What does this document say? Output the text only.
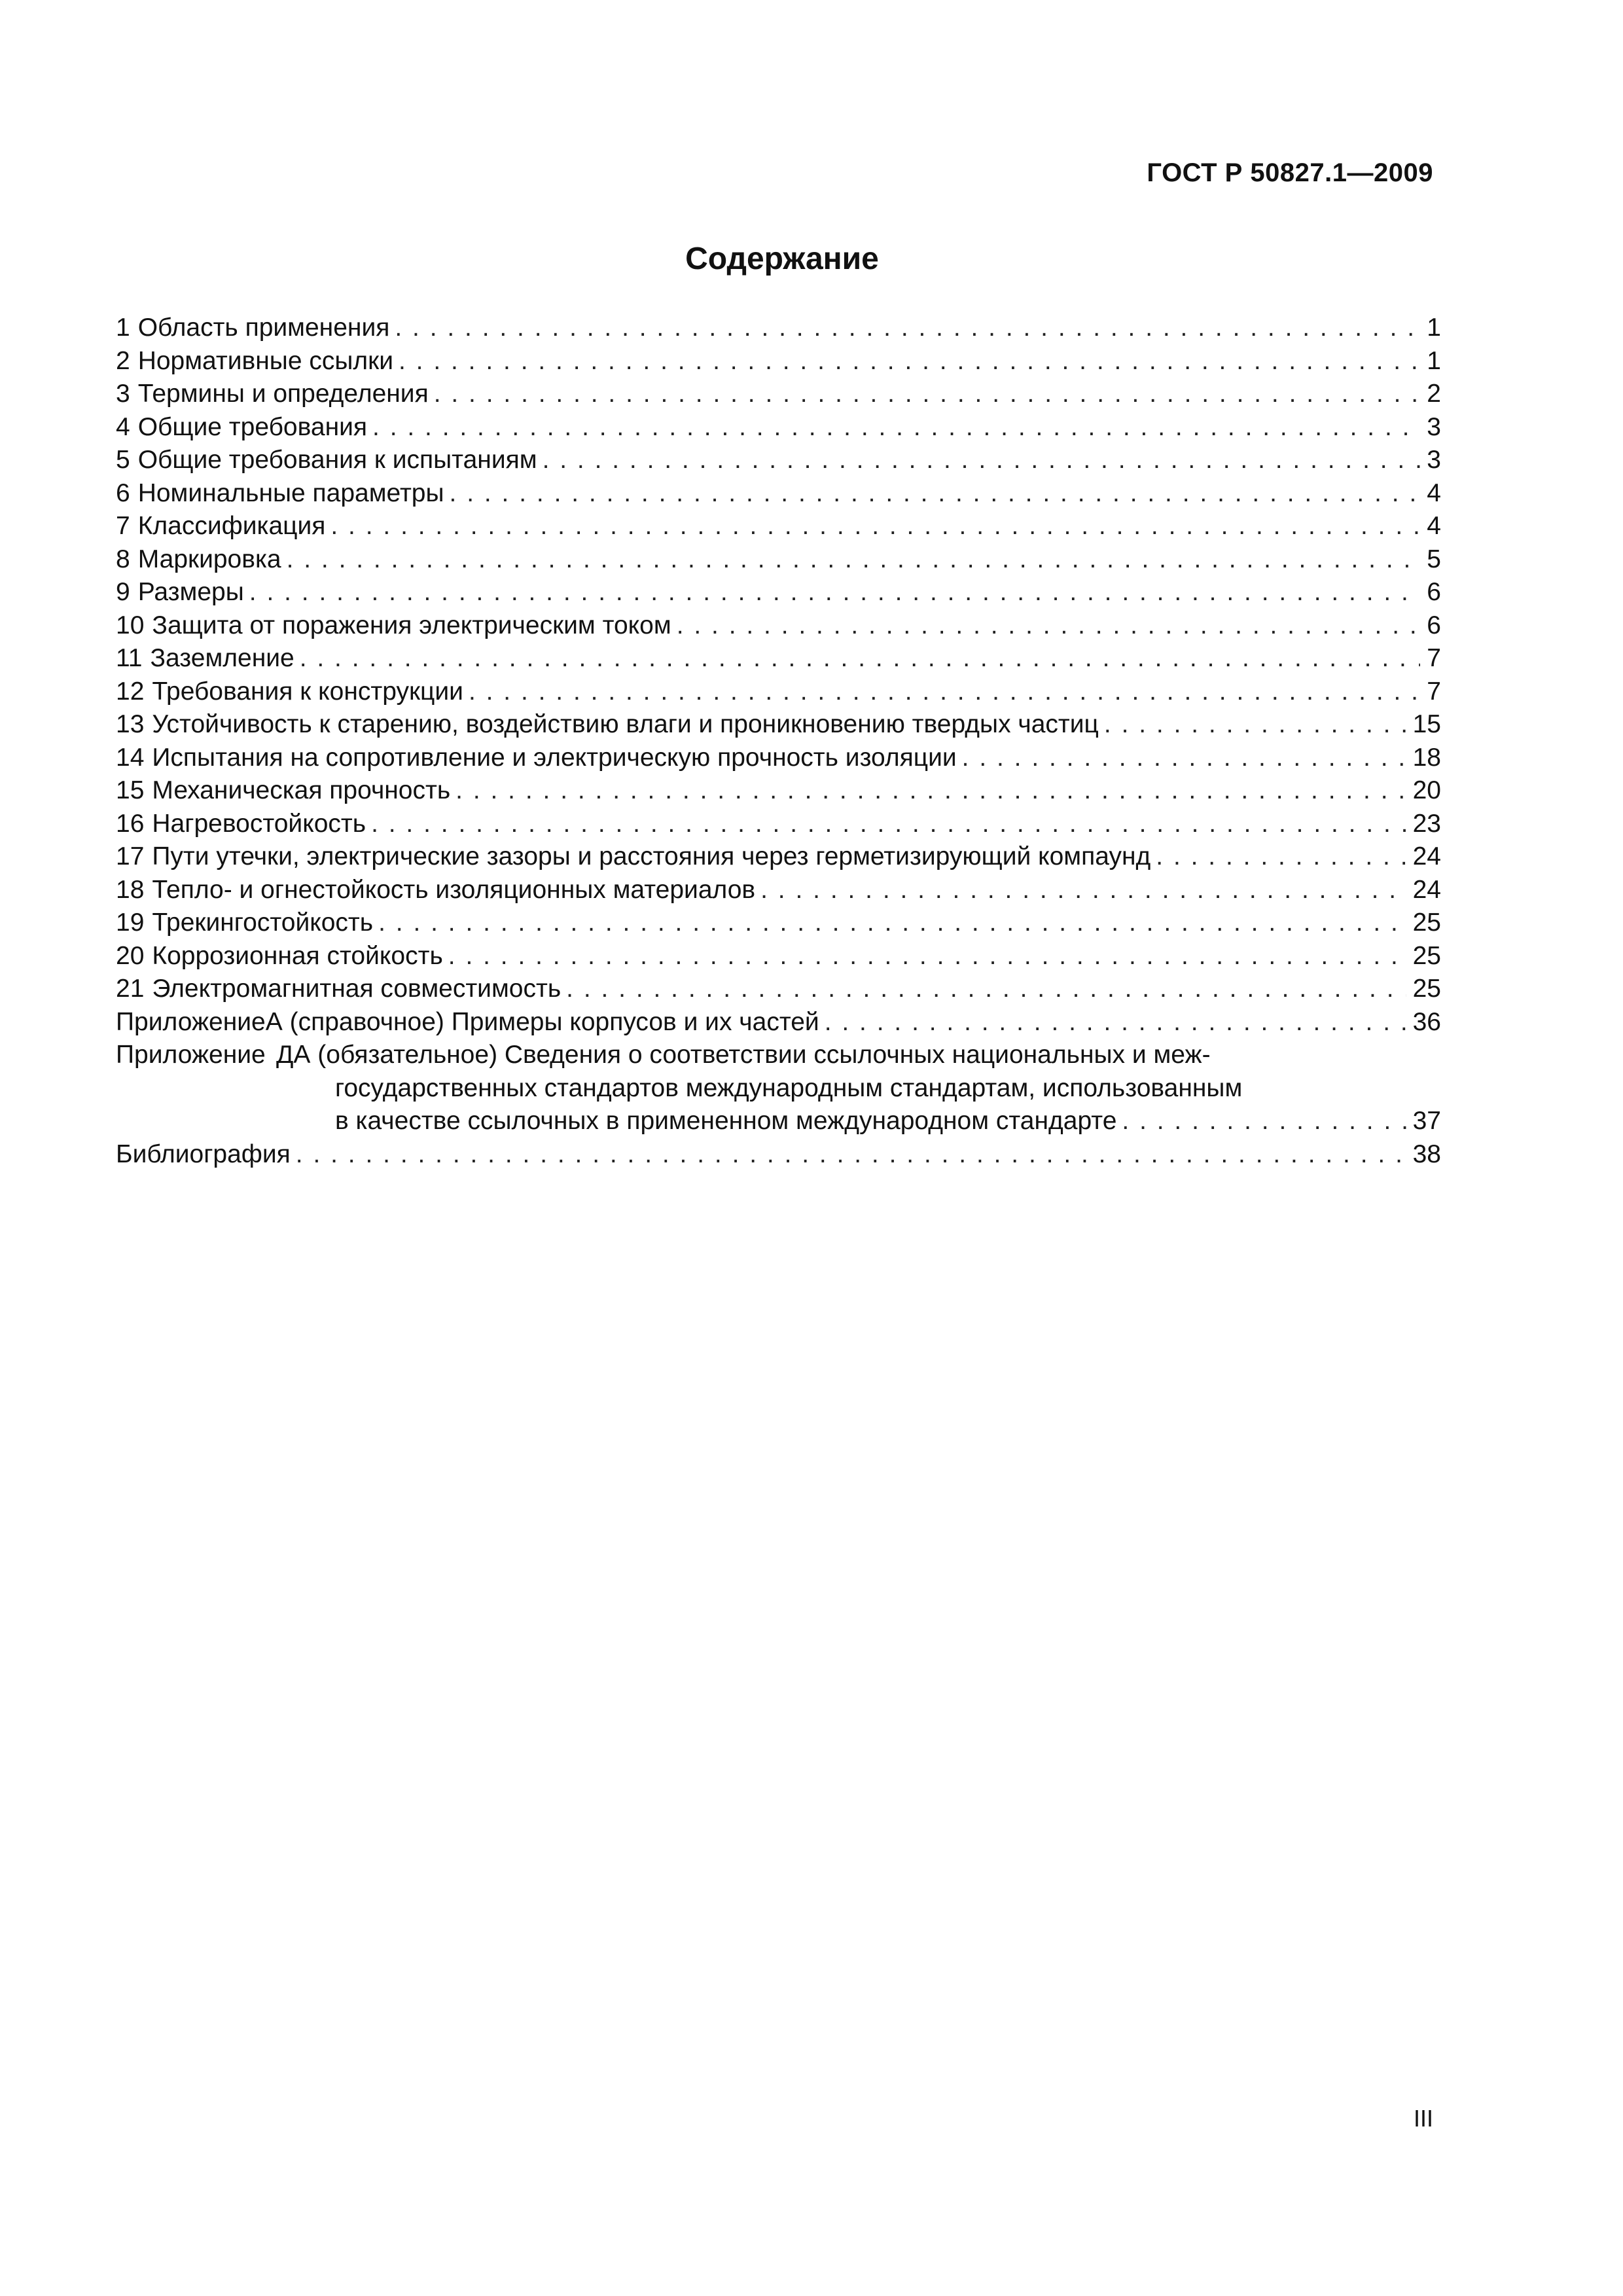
ГОСТ Р 50827.1—2009
Содержание
1 Область применения . . .	1
2 Нормативные ссылки . . .	1
3 Термины и определения . . .	2
4 Общие требования . . .	3
5 Общие требования к испытаниям . . .	3
6 Номинальные параметры . . .	4
7 Классификация . . .	4
8 Маркировка . . .	5
9 Размеры . . .	6
10 Защита от поражения электрическим током . . .	6
11 Заземление . . .	7
12 Требования к конструкции . . .	7
13 Устойчивость к старению, воздействию влаги и проникновению твердых частиц . . .	15
14 Испытания на сопротивление и электрическую прочность изоляции . . .	18
15 Механическая прочность . . .	20
16 Нагревостойкость . . .	23
17 Пути утечки, электрические зазоры и расстояния через герметизирующий компаунд . . .	24
18 Тепло- и огнестойкость изоляционных материалов . . .	24
19 Трекингостойкость . . .	25
20 Коррозионная стойкость . . .	25
21 Электромагнитная совместимость . . .	25
Приложение А (справочное) Примеры корпусов и их частей . . .	36
Приложение ДА (обязательное) Сведения о соответствии ссылочных национальных и меж-
государственных стандартов международным стандартам, использованным
в качестве ссылочных в примененном международном стандарте . . .	37
Библиография . . .	38
III
